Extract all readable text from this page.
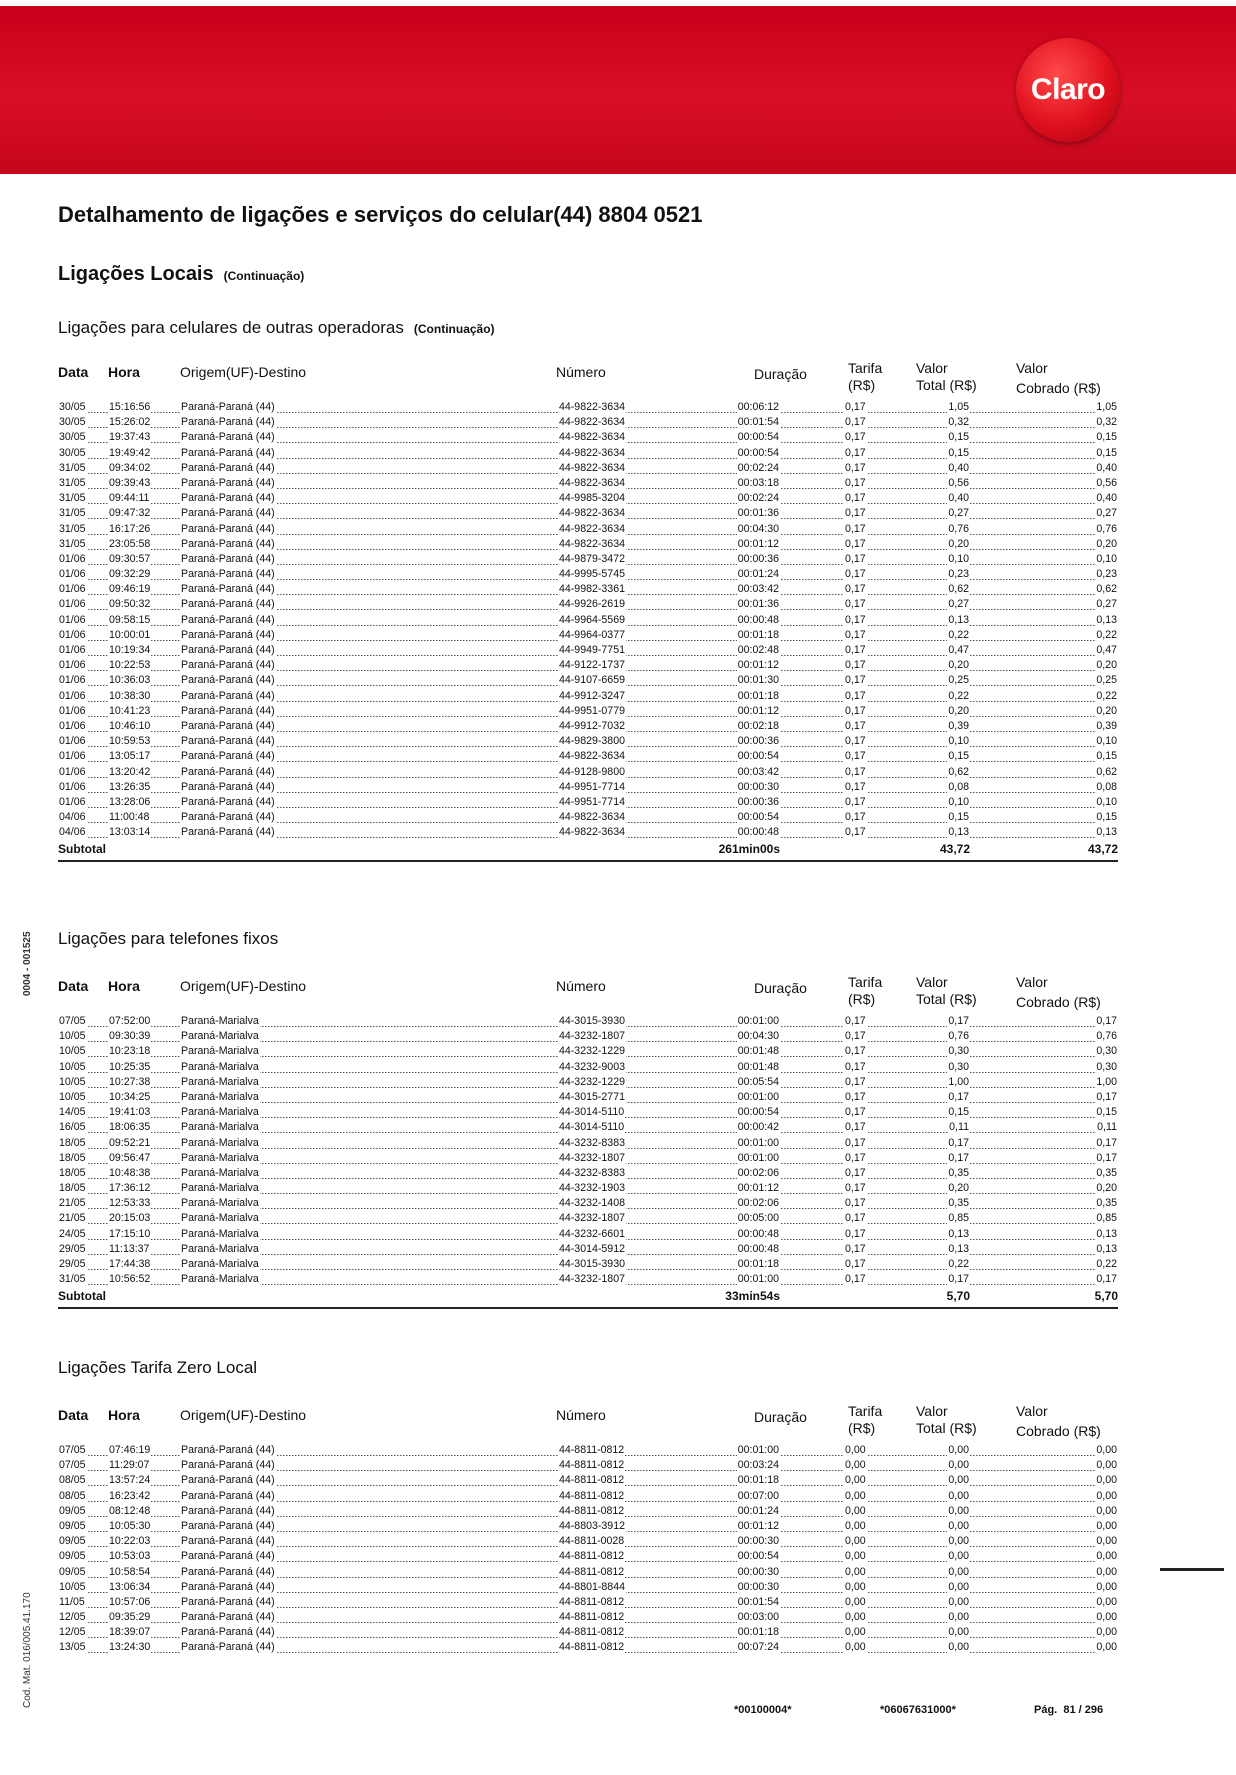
Claro
Detalhamento de ligações e serviços do celular(44) 8804 0521
Ligações Locais (Continuação)
Ligações para celulares de outras operadoras (Continuação)
Data Hora	Origem(UF)-Destino	Número	Duração	Tarifa
(R$)
Valor
Total (R$)
Valor
Cobrado (R$)
30/05 15:16:56	Paraná-Paraná (44)	44-9822-3634	00:06:12	0,17	1,05	1,05
30/05 15:26:02	Paraná-Paraná (44)	44-9822-3634	00:01:54	0,17	0,32	0,32
30/05 19:37:43	Paraná-Paraná (44)	44-9822-3634	00:00:54	0,17	0,15	0,15
30/05 19:49:42	Paraná-Paraná (44)	44-9822-3634	00:00:54	0,17	0,15	0,15
31/05 09:34:02	Paraná-Paraná (44)	44-9822-3634	00:02:24	0,17	0,40	0,40
31/05 09:39:43	Paraná-Paraná (44)	44-9822-3634	00:03:18	0,17	0,56	0,56
31/05 09:44:11	Paraná-Paraná (44)	44-9985-3204	00:02:24	0,17	0,40	0,40
31/05 09:47:32	Paraná-Paraná (44)	44-9822-3634	00:01:36	0,17	0,27	0,27
31/05 16:17:26	Paraná-Paraná (44)	44-9822-3634	00:04:30	0,17	0,76	0,76
31/05 23:05:58	Paraná-Paraná (44)	44-9822-3634	00:01:12	0,17	0,20	0,20
01/06 09:30:57	Paraná-Paraná (44)	44-9879-3472	00:00:36	0,17	0,10	0,10
01/06 09:32:29	Paraná-Paraná (44)	44-9995-5745	00:01:24	0,17	0,23	0,23
01/06 09:46:19	Paraná-Paraná (44)	44-9982-3361	00:03:42	0,17	0,62	0,62
01/06 09:50:32	Paraná-Paraná (44)	44-9926-2619	00:01:36	0,17	0,27	0,27
01/06 09:58:15	Paraná-Paraná (44)	44-9964-5569	00:00:48	0,17	0,13	0,13
01/06 10:00:01	Paraná-Paraná (44)	44-9964-0377	00:01:18	0,17	0,22	0,22
01/06 10:19:34	Paraná-Paraná (44)	44-9949-7751	00:02:48	0,17	0,47	0,47
01/06 10:22:53	Paraná-Paraná (44)	44-9122-1737	00:01:12	0,17	0,20	0,20
01/06 10:36:03	Paraná-Paraná (44)	44-9107-6659	00:01:30	0,17	0,25	0,25
01/06 10:38:30	Paraná-Paraná (44)	44-9912-3247	00:01:18	0,17	0,22	0,22
01/06 10:41:23	Paraná-Paraná (44)	44-9951-0779	00:01:12	0,17	0,20	0,20
01/06 10:46:10	Paraná-Paraná (44)	44-9912-7032	00:02:18	0,17	0,39	0,39
01/06 10:59:53	Paraná-Paraná (44)	44-9829-3800	00:00:36	0,17	0,10	0,10
01/06 13:05:17	Paraná-Paraná (44)	44-9822-3634	00:00:54	0,17	0,15	0,15
01/06 13:20:42	Paraná-Paraná (44)	44-9128-9800	00:03:42	0,17	0,62	0,62
01/06 13:26:35	Paraná-Paraná (44)	44-9951-7714	00:00:30	0,17	0,08	0,08
01/06 13:28:06	Paraná-Paraná (44)	44-9951-7714	00:00:36	0,17	0,10	0,10
04/06 11:00:48	Paraná-Paraná (44)	44-9822-3634	00:00:54	0,17	0,15	0,15
04/06 13:03:14	Paraná-Paraná (44)	44-9822-3634	00:00:48	0,17	0,13	0,13
Subtotal	261min00s	43,72	43,72
Ligações para telefones fixos
Data Hora	Origem(UF)-Destino	Número	Duração	Tarifa
(R$)
Valor
Total (R$)
Valor
Cobrado (R$)
07/05 07:52:00	Paraná-Marialva	44-3015-3930	00:01:00	0,17	0,17	0,17
10/05 09:30:39	Paraná-Marialva	44-3232-1807	00:04:30	0,17	0,76	0,76
10/05 10:23:18	Paraná-Marialva	44-3232-1229	00:01:48	0,17	0,30	0,30
10/05 10:25:35	Paraná-Marialva	44-3232-9003	00:01:48	0,17	0,30	0,30
10/05 10:27:38	Paraná-Marialva	44-3232-1229	00:05:54	0,17	1,00	1,00
10/05 10:34:25	Paraná-Marialva	44-3015-2771	00:01:00	0,17	0,17	0,17
14/05 19:41:03	Paraná-Marialva	44-3014-5110	00:00:54	0,17	0,15	0,15
16/05 18:06:35	Paraná-Marialva	44-3014-5110	00:00:42	0,17	0,11	0,11
18/05 09:52:21	Paraná-Marialva	44-3232-8383	00:01:00	0,17	0,17	0,17
18/05 09:56:47	Paraná-Marialva	44-3232-1807	00:01:00	0,17	0,17	0,17
18/05 10:48:38	Paraná-Marialva	44-3232-8383	00:02:06	0,17	0,35	0,35
18/05 17:36:12	Paraná-Marialva	44-3232-1903	00:01:12	0,17	0,20	0,20
21/05 12:53:33	Paraná-Marialva	44-3232-1408	00:02:06	0,17	0,35	0,35
21/05 20:15:03	Paraná-Marialva	44-3232-1807	00:05:00	0,17	0,85	0,85
24/05 17:15:10	Paraná-Marialva	44-3232-6601	00:00:48	0,17	0,13	0,13
29/05 11:13:37	Paraná-Marialva	44-3014-5912	00:00:48	0,17	0,13	0,13
29/05 17:44:38	Paraná-Marialva	44-3015-3930	00:01:18	0,17	0,22	0,22
31/05 10:56:52	Paraná-Marialva	44-3232-1807	00:01:00	0,17	0,17	0,17
Subtotal	33min54s	5,70	5,70
Ligações Tarifa Zero Local
Data Hora	Origem(UF)-Destino	Número	Duração	Tarifa
(R$)
Valor
Total (R$)
Valor
Cobrado (R$)
07/05 07:46:19	Paraná-Paraná (44)	44-8811-0812	00:01:00	0,00	0,00	0,00
07/05 11:29:07	Paraná-Paraná (44)	44-8811-0812	00:03:24	0,00	0,00	0,00
08/05 13:57:24	Paraná-Paraná (44)	44-8811-0812	00:01:18	0,00	0,00	0,00
08/05 16:23:42	Paraná-Paraná (44)	44-8811-0812	00:07:00	0,00	0,00	0,00
09/05 08:12:48	Paraná-Paraná (44)	44-8811-0812	00:01:24	0,00	0,00	0,00
09/05 10:05:30	Paraná-Paraná (44)	44-8803-3912	00:01:12	0,00	0,00	0,00
09/05 10:22:03	Paraná-Paraná (44)	44-8811-0028	00:00:30	0,00	0,00	0,00
09/05 10:53:03	Paraná-Paraná (44)	44-8811-0812	00:00:54	0,00	0,00	0,00
09/05 10:58:54	Paraná-Paraná (44)	44-8811-0812	00:00:30	0,00	0,00	0,00
10/05 13:06:34	Paraná-Paraná (44)	44-8801-8844	00:00:30	0,00	0,00	0,00
11/05 10:57:06	Paraná-Paraná (44)	44-8811-0812	00:01:54	0,00	0,00	0,00
12/05 09:35:29	Paraná-Paraná (44)	44-8811-0812	00:03:00	0,00	0,00	0,00
12/05 18:39:07	Paraná-Paraná (44)	44-8811-0812	00:01:18	0,00	0,00	0,00
13/05 13:24:30	Paraná-Paraná (44)	44-8811-0812	00:07:24	0,00	0,00	0,00
0004 - 001525
Cod. Mat. 016/005.41.170
*00100004*	*06067631000*	Pág. 81 / 296
